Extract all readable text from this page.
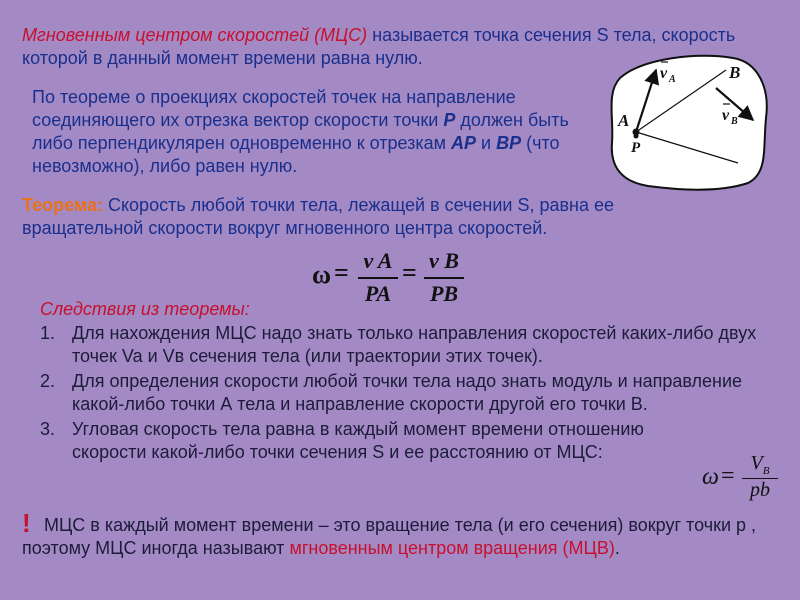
Мгновенным центром скоростей (МЦС) называется точка сечения S тела, скорость которой в данный момент времени равна нулю.

По теореме о проекциях скоростей точек на направление соединяющего их отрезка вектор скорости точки Р должен быть либо перпендикулярен одновременно к отрезкам АР и ВР (что невозможно), либо равен нулю.

A
P
B
v A
v B

Теорема: Скорость любой точки тела, лежащей в сечении S, равна ее вращательной скорости вокруг мгновенного центра скоростей.

$\omega = \frac{\text{v A}}{PA} = \frac{\text{v B}}{PB}$

Следствия из теоремы:

1. Для нахождения МЦС надо знать только направления скоростей каких-либо двух точек Va и Vв сечения тела (или траектории этих точек).
2. Для определения скорости любой точки тела надо знать модуль и направление какой-либо точки А тела и направление скорости другой его точки В.
3. Угловая скорость тела равна в каждый момент времени отношению скорости какой-либо точки сечения S и ее расстоянию от МЦС:
$\omega = \frac{V_B}{pb}$
! МЦС в каждый момент времени – это вращение тела (и его сечения) вокруг точки р , поэтому МЦС иногда называют мгновенным центром вращения (МЦВ).
